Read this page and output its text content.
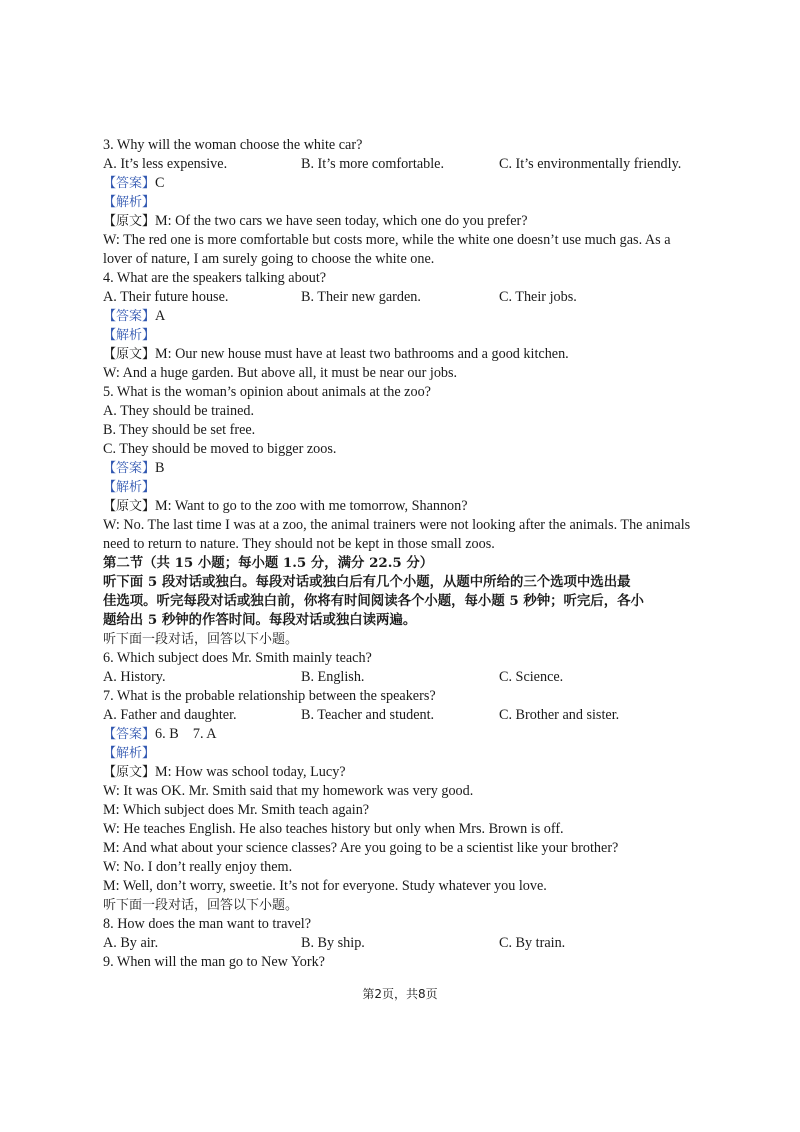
3. Why will the woman choose the white car?
A. It’s less expensive.	B. It’s more comfortable.	C. It’s environmentally friendly.
【答案】C
【解析】
【原文】M: Of the two cars we have seen today, which one do you prefer?
W: The red one is more comfortable but costs more, while the white one doesn’t use much gas. As a
lover of nature, I am surely going to choose the white one.
4. What are the speakers talking about?
A. Their future house.	B. Their new garden.	C. Their jobs.
【答案】A
【解析】
【原文】M: Our new house must have at least two bathrooms and a good kitchen.
W: And a huge garden. But above all, it must be near our jobs.
5. What is the woman’s opinion about animals at the zoo?
A. They should be trained.
B. They should be set free.
C. They should be moved to bigger zoos.
【答案】B
【解析】
【原文】M: Want to go to the zoo with me tomorrow, Shannon?
W: No. The last time I was at a zoo, the animal trainers were not looking after the animals. The animals
need to return to nature. They should not be kept in those small zoos.
第二节（共 15 小题；每小题 1.5 分，满分 22.5 分）
听下面 5 段对话或独白。每段对话或独白后有几个小题，从题中所给的三个选项中选出最
佳选项。听完每段对话或独白前，你将有时间阅读各个小题，每小题 5 秒钟；听完后，各小
题给出 5 秒钟的作答时间。每段对话或独白读两遍。
听下面一段对话，回答以下小题。
6. Which subject does Mr. Smith mainly teach?
A. History.	B. English.	C. Science.
7. What is the probable relationship between the speakers?
A. Father and daughter.	B. Teacher and student.	C. Brother and sister.
【答案】6. B    7. A
【解析】
【原文】M: How was school today, Lucy?
W: It was OK. Mr. Smith said that my homework was very good.
M: Which subject does Mr. Smith teach again?
W: He teaches English. He also teaches history but only when Mrs. Brown is off.
M: And what about your science classes? Are you going to be a scientist like your brother?
W: No. I don’t really enjoy them.
M: Well, don’t worry, sweetie. It’s not for everyone. Study whatever you love.
听下面一段对话，回答以下小题。
8. How does the man want to travel?
A. By air.	B. By ship.	C. By train.
9. When will the man go to New York?
第2页，共8页
